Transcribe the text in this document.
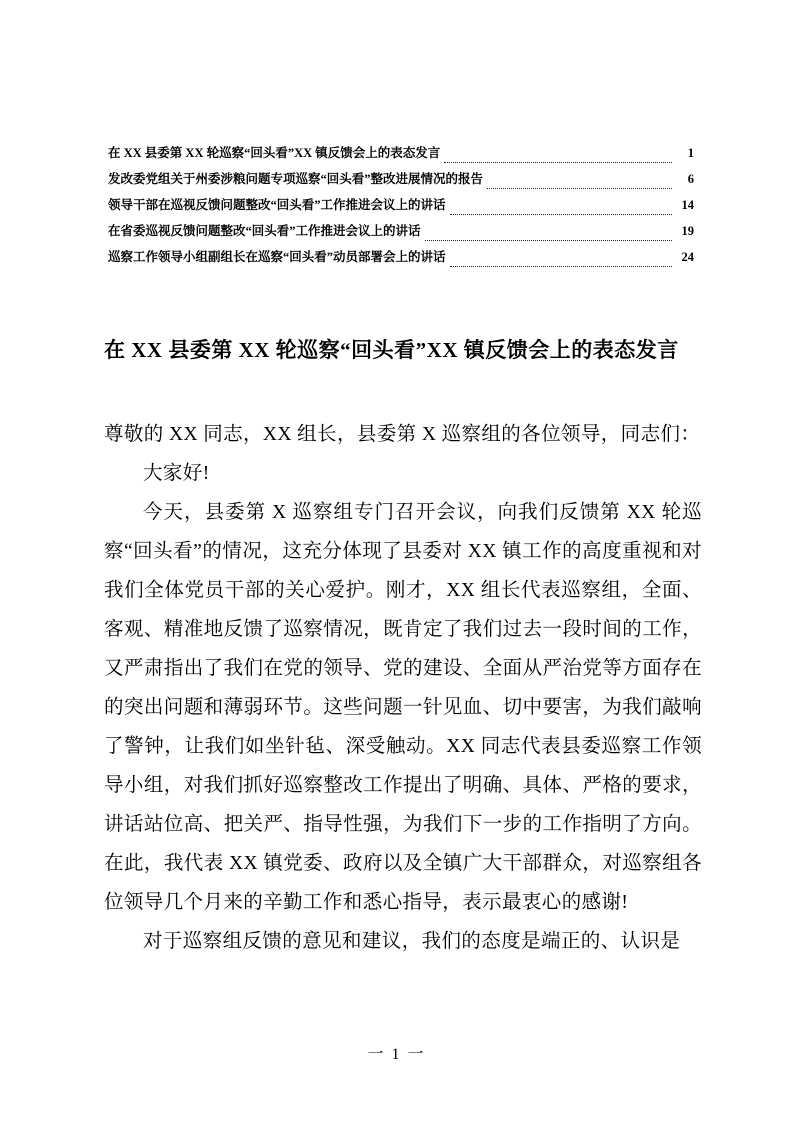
在 XX 县委第 XX 轮巡察“回头看”XX 镇反馈会上的表态发言	1
发改委党组关于州委涉粮问题专项巡察“回头看”整改进展情况的报告	6
领导干部在巡视反馈问题整改“回头看”工作推进会议上的讲话	14
在省委巡视反馈问题整改“回头看”工作推进会议上的讲话	19
巡察工作领导小组副组长在巡察“回头看”动员部署会上的讲话	24
在 XX 县委第 XX 轮巡察“回头看”XX 镇反馈会上的表态发言

尊敬的 XX 同志，XX 组长，县委第 X 巡察组的各位领导，同志们：

大家好!

今天，县委第 X 巡察组专门召开会议，向我们反馈第 XX 轮巡察“回头看”的情况，这充分体现了县委对 XX 镇工作的高度重视和对我们全体党员干部的关心爱护。刚才，XX 组长代表巡察组，全面、客观、精准地反馈了巡察情况，既肯定了我们过去一段时间的工作，又严肃指出了我们在党的领导、党的建设、全面从严治党等方面存在的突出问题和薄弱环节。这些问题一针见血、切中要害，为我们敲响了警钟，让我们如坐针毡、深受触动。XX 同志代表县委巡察工作领导小组，对我们抓好巡察整改工作提出了明确、具体、严格的要求，讲话站位高、把关严、指导性强，为我们下一步的工作指明了方向。在此，我代表 XX 镇党委、政府以及全镇广大干部群众，对巡察组各位领导几个月来的辛勤工作和悉心指导，表示最衷心的感谢!

对于巡察组反馈的意见和建议，我们的态度是端正的、认识是

一 1 一
